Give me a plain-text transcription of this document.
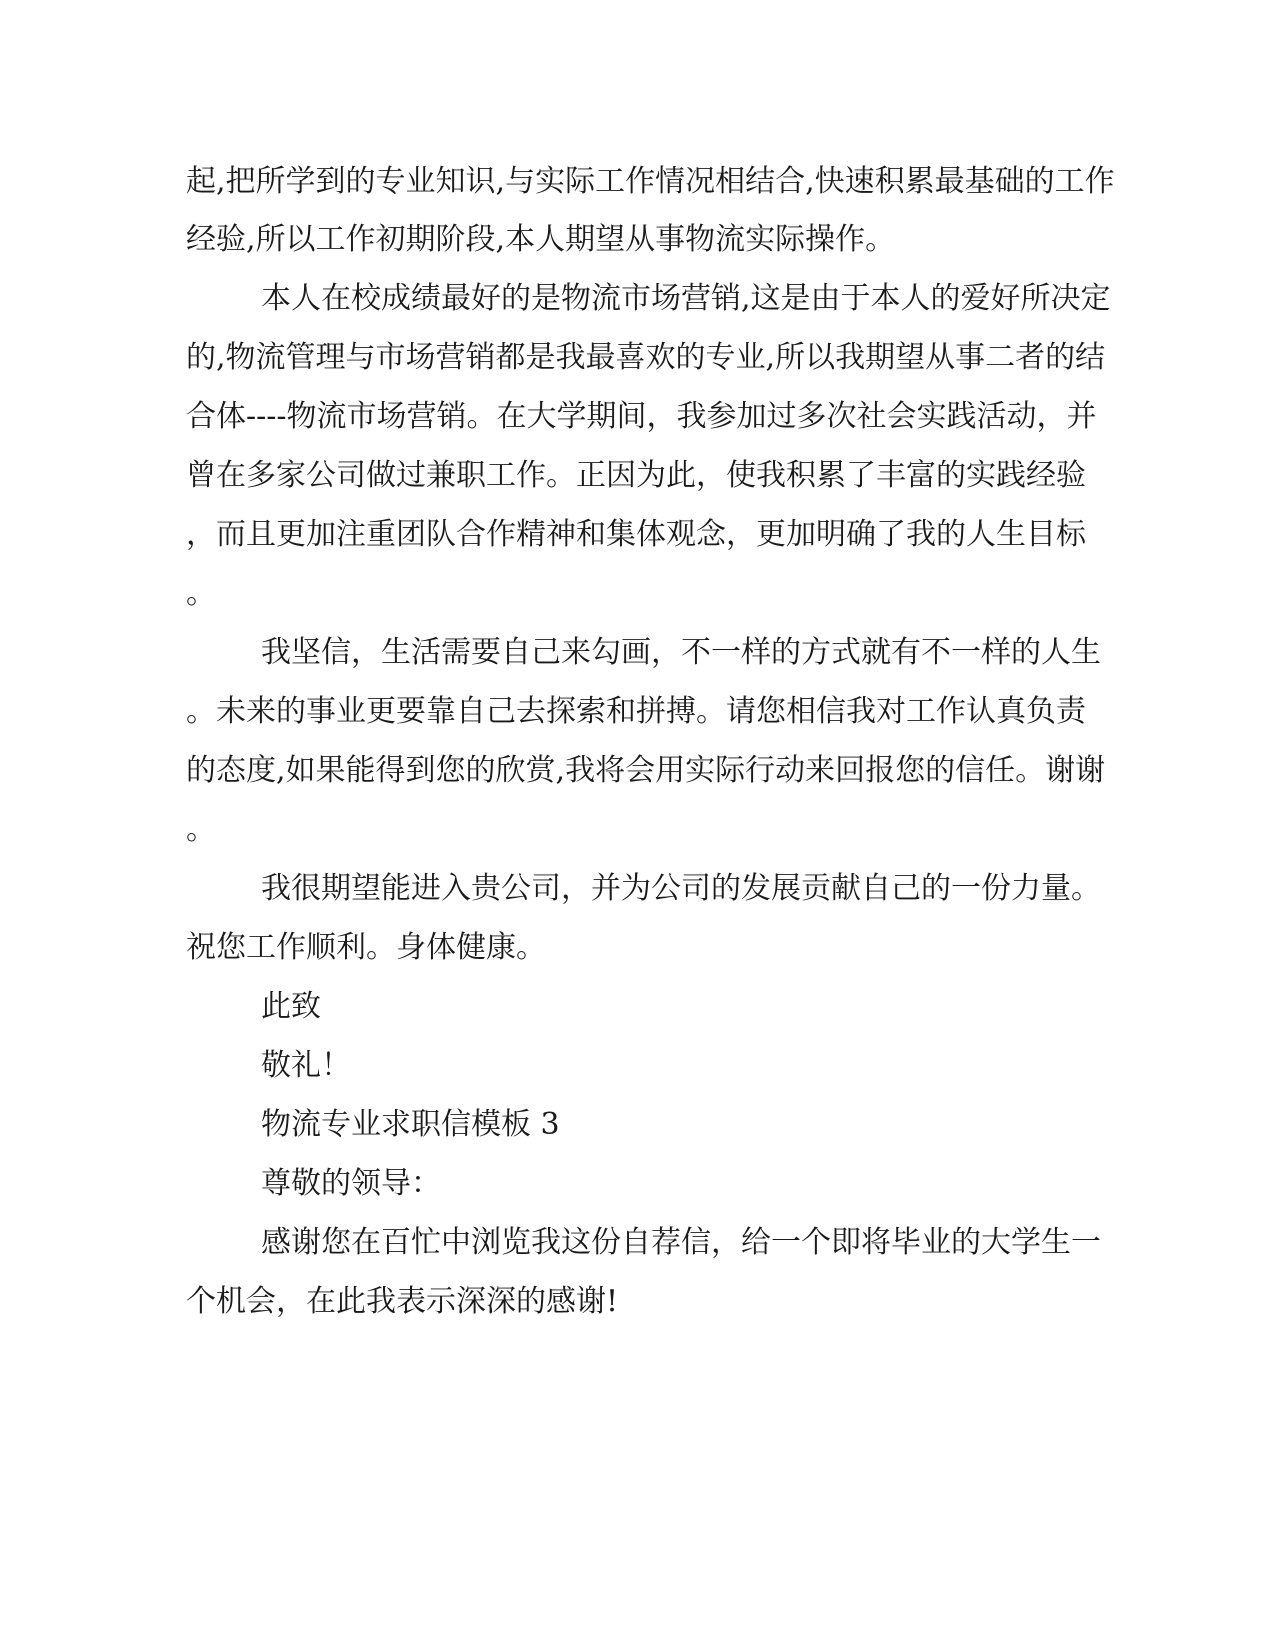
起,把所学到的专业知识,与实际工作情况相结合,快速积累最基础的工作
经验,所以工作初期阶段,本人期望从事物流实际操作。
本人在校成绩最好的是物流市场营销,这是由于本人的爱好所决定
的,物流管理与市场营销都是我最喜欢的专业,所以我期望从事二者的结
合体----物流市场营销。在大学期间，我参加过多次社会实践活动，并
曾在多家公司做过兼职工作。正因为此，使我积累了丰富的实践经验
，而且更加注重团队合作精神和集体观念，更加明确了我的人生目标
。
我坚信，生活需要自己来勾画，不一样的方式就有不一样的人生
。未来的事业更要靠自己去探索和拼搏。请您相信我对工作认真负责
的态度,如果能得到您的欣赏,我将会用实际行动来回报您的信任。谢谢
。
我很期望能进入贵公司，并为公司的发展贡献自己的一份力量。
祝您工作顺利。身体健康。
此致
敬礼！
物流专业求职信模板 3
尊敬的领导：
感谢您在百忙中浏览我这份自荐信，给一个即将毕业的大学生一
个机会，在此我表示深深的感谢!
